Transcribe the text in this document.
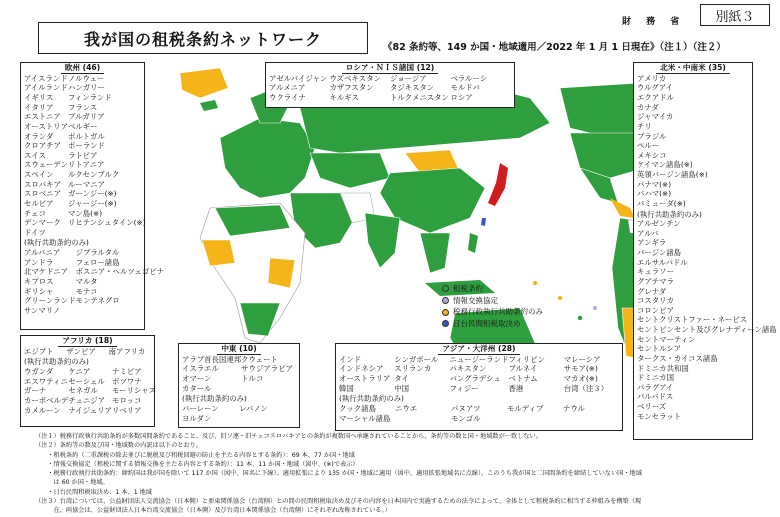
我が国の租税条約ネットワーク
財 務 省	別紙３
《82 条約等、149 か国・地域適用／2022 年 1 月 1 日現在》（注１）（注２）
租税条約
情報交換協定
税務行政執行共助条約のみ
日台民間租税取決め
欧州 (46)
アイスランド ノルウェー
アイルランド ハンガリー
イギリス	フィンランド
イタリア	フランス
エストニア ブルガリア
オーストリア ベルギー
オランダ	ポルトガル
クロアチア ポーランド
スイス	ラトビア
スウェーデン リトアニア
スペイン	ルクセンブルク
スロバキア ルーマニア
スロベニア ガーンジー(※)
セルビア	ジャージー(※)
チェコ	マン島(※)
デンマーク リヒテンシュタイン(※)
ドイツ
(執行共助条約のみ)
アルバニア	ジブラルタル
アンドラ	フェロー諸島
北マケドニア	ボスニア・ヘルツェゴビナ
キプロス	マルタ
ギリシャ	モナコ
グリーンランド モンテネグロ
サンマリノ
ロシア・ＮＩＳ諸国 (12)
アゼルバイジャン ウズベキスタン	ジョージア	ベラルーシ
アルメニア	カザフスタン	タジキスタン	モルドバ
ウクライナ	キルギス	トルクメニスタン ロシア
北米・中南米 (35)
アメリカ
ウルグアイ
エクアドル
カナダ
ジャマイカ
チリ
ブラジル
ペルー
メキシコ
ケイマン諸島(※)
英領バージン諸島(※)
パナマ(※)
バハマ(※)
バミューダ(※)
(執行共助条約のみ)
アルゼンチン
アルバ
アンギラ
バージン諸島
エルサルバドル
キュラソー
グアテマラ
グレナダ
コスタリカ
コロンビア
セントクリストファー・ネービス
セントビンセント及びグレナディーン諸島
セントマーティン
セントルシア
タークス・カイコス諸島
ドミニカ共和国
ドミニカ国
パラグアイ
バルバドス
ベリーズ
モンセラット
アフリカ (18)
エジプト	ザンビア	南アフリカ
(執行共助条約のみ)
ウガンダ	ケニア	ナミビア
エスワティニ セーシェル ボツワナ
ガーナ	セネガル	モーリシャス
カーボベルデ チュニジア モロッコ
カメルーン	ナイジェリア リベリア
中東 (10)
アラブ首長国連邦 クウェート
イスラエル	サウジアラビア
オマーン	トルコ
カタール
(執行共助条約のみ)
バーレーン	レバノン
ヨルダン
アジア・大洋州 (28)
インド	シンガポール	ニュージーランド フィリピン	マレーシア
インドネシア	スリランカ	パキスタン	ブルネイ	サモア(※)
オーストラリア タイ	バングラデシュ	ベトナム	マカオ(※)
韓国	中国	フィジー	香港	台湾（注３）
(執行共助条約のみ)
クック諸島	ニウエ	パヌアツ	モルディブ	ナウル
マーシャル諸島	モンゴル
（注１）税務行政執行共助条約が多数国間条約であること、及び、旧ソ連・旧チェコスロバキアとの条約が複数国へ承継されていることから、条約等の数と国・地域数が一致しない。
（注２）条約等の数及び国・地域数の内訳は以下のとおり。
　　・租税条約（二重課税の除去並びに脱税及び租税回避の防止を主たる内容とする条約）：69 本、77 か国・地域
　　・情報交換協定（租税に関する情報交換を主たる内容とする条約）：11 本、11 か国・地域（図中、(※)で表示）
　　・税務行政執行共助条約：締約国は我が国を除いて 117 か国（図中、国名に下線）。適用拡張により 135 か国・地域に適用（図中、適用拡張地域名に点線）。このうち我が国と二国間条約を締結していない国・地域
　　　は 60 か国・地域。
　　・日台民間租税取決め：1 本、1 地域
（注３）台湾については、公益財団法人交流協会（日本側）と亜東関係協会（台湾側）との間の民間租税取決め及びその内容を日本国内で実施するための法令によって、全体として租税条約に相当する枠組みを構築（現
　　　在、両協会は、公益財団法人日本台湾交流協会（日本側）及び台湾日本関係協会（台湾側）にそれぞれ改称されている。）
